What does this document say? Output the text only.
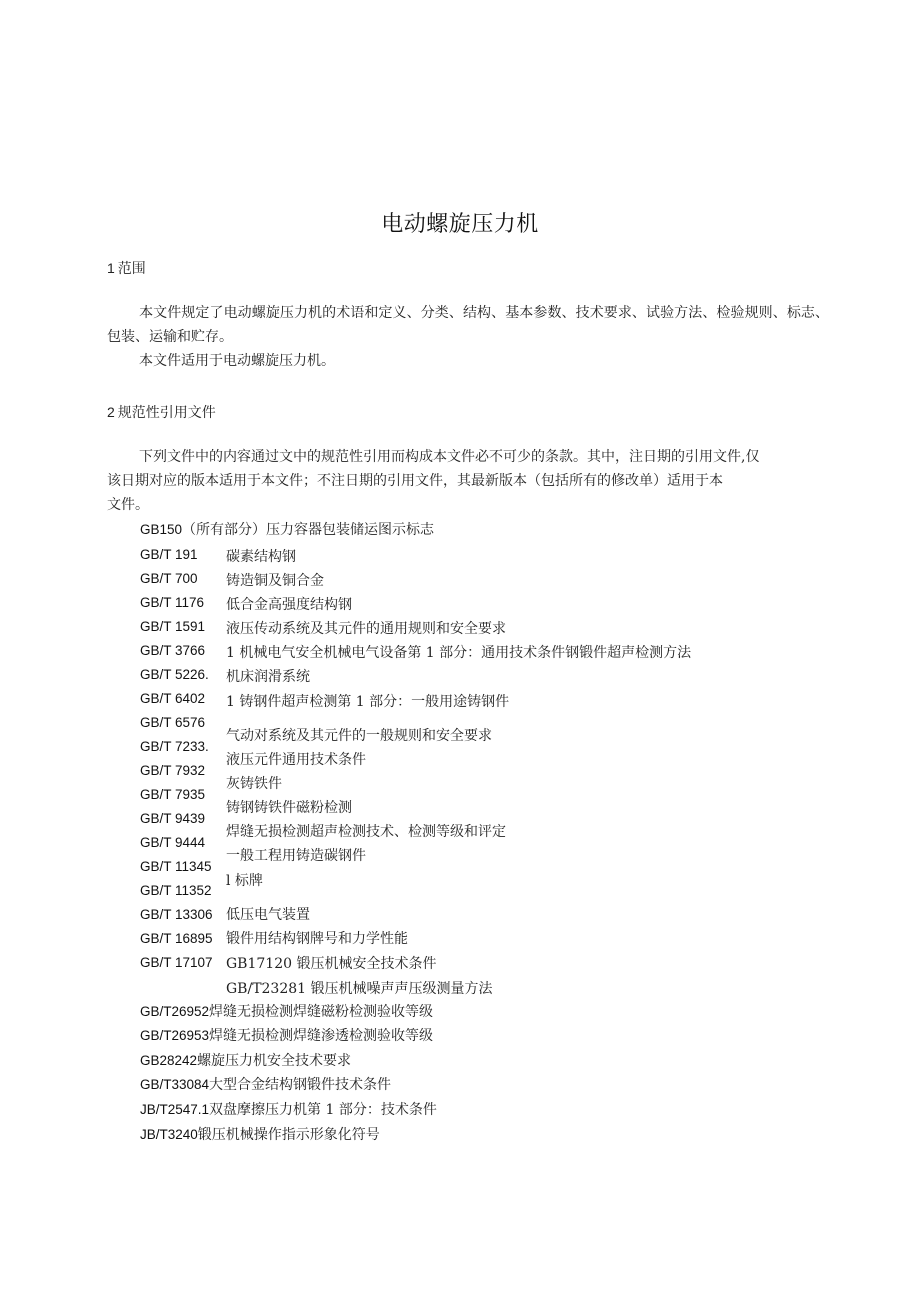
电动螺旋压力机
1 范围
本文件规定了电动螺旋压力机的术语和定义、分类、结构、基本参数、技术要求、试验方法、检验规则、标志、包装、运输和贮存。
本文件适用于电动螺旋压力机。
2 规范性引用文件
下列文件中的内容通过文中的规范性引用而构成本文件必不可少的条款。其中，注日期的引用文件,仅
该日期对应的版本适用于本文件；不注日期的引用文件，其最新版本（包括所有的修改单）适用于本
文件。
GB150（所有部分）压力容器包装储运图示标志
GB/T 191
GB/T 700
GB/T 1176
GB/T 1591
GB/T 3766
GB/T 5226.
GB/T 6402
GB/T 6576
GB/T 7233.
GB/T 7932
GB/T 7935
GB/T 9439
GB/T 9444
GB/T 11345
GB/T 11352
GB/T 13306
GB/T 16895
GB/T 17107
碳素结构钢
铸造铜及铜合金
低合金高强度结构钢
液压传动系统及其元件的通用规则和安全要求
1 机械电气安全机械电气设备第 1 部分：通用技术条件钢锻件超声检测方法
机床润滑系统
1 铸钢件超声检测第 1 部分：一般用途铸钢件
气动对系统及其元件的一般规则和安全要求
液压元件通用技术条件
灰铸铁件
铸钢铸铁件磁粉检测
焊缝无损检测超声检测技术、检测等级和评定
一般工程用铸造碳钢件
l 标牌
低压电气装置
锻件用结构钢牌号和力学性能
GB17120 锻压机械安全技术条件
GB/T23281 锻压机械噪声声压级测量方法
GB/T26952焊缝无损检测焊缝磁粉检测验收等级
GB/T26953焊缝无损检测焊缝渗透检测验收等级
GB28242螺旋压力机安全技术要求
GB/T33084大型合金结构钢锻件技术条件
JB/T2547.1双盘摩擦压力机第 1 部分：技术条件
JB/T3240锻压机械操作指示形象化符号
